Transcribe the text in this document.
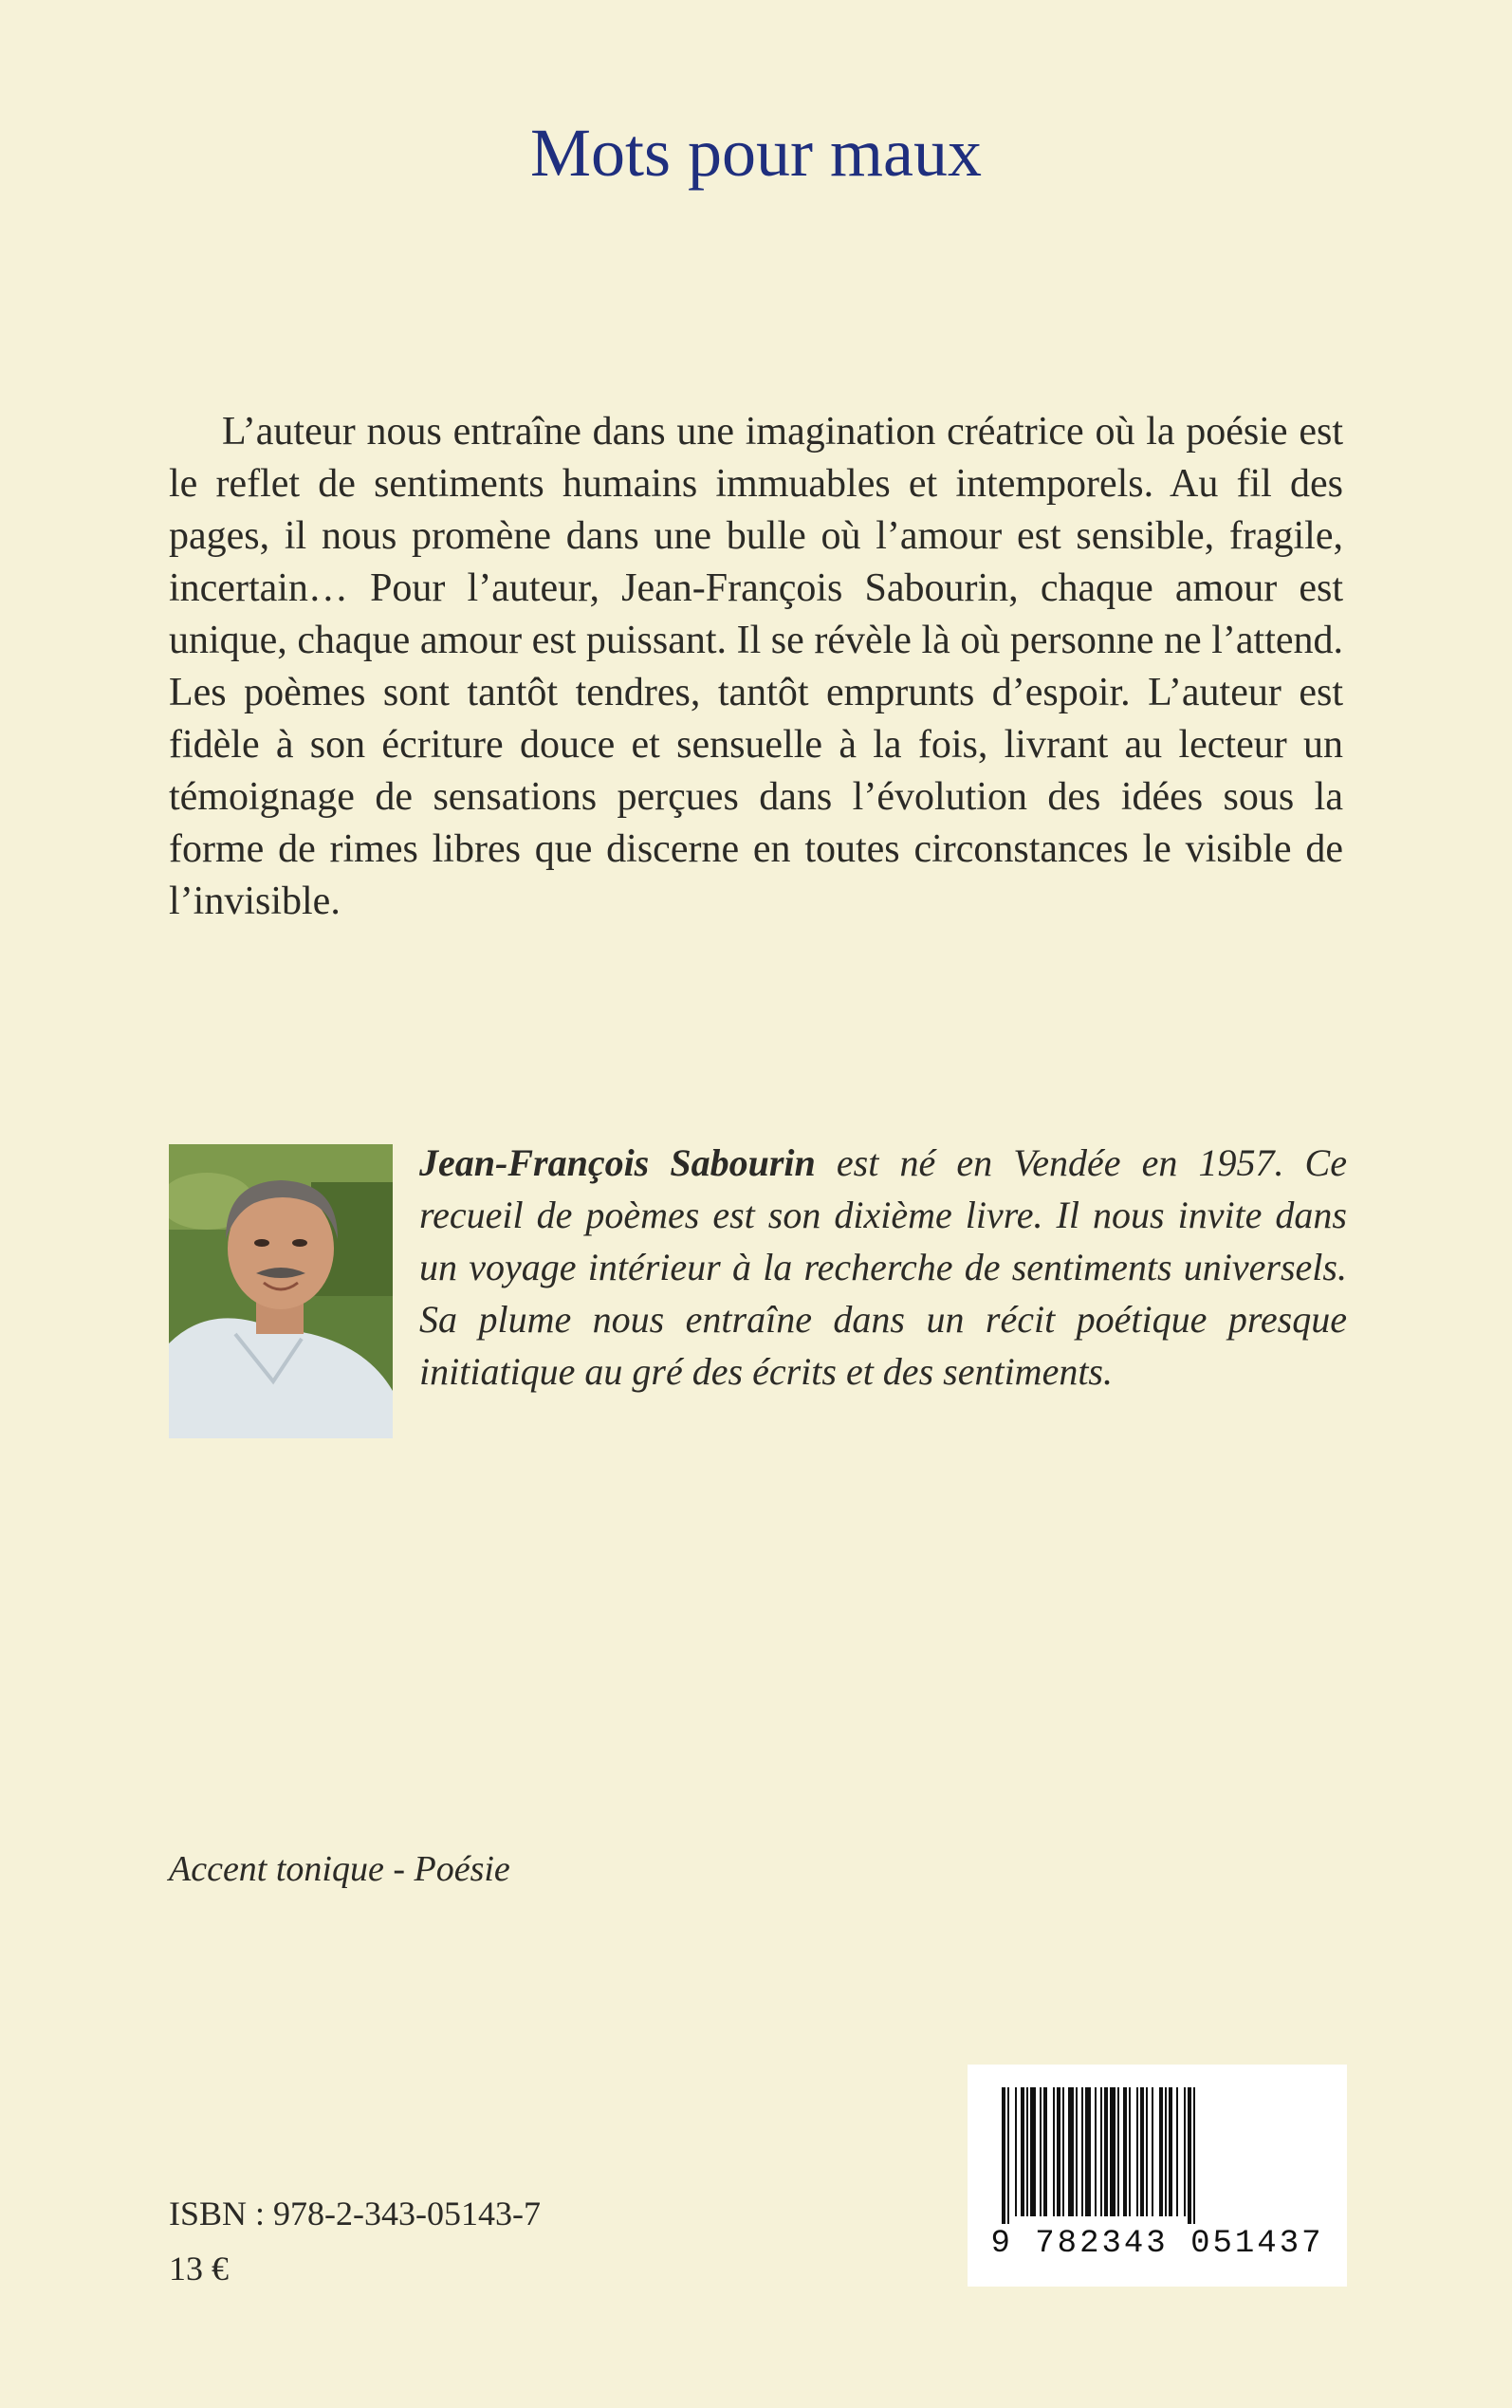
Mots pour maux

L’auteur nous entraîne dans une imagination créatrice où la poésie est le reflet de sentiments humains immuables et intemporels. Au fil des pages, il nous promène dans une bulle où l’amour est sensible, fragile, incertain… Pour l’auteur, Jean-François Sabourin, chaque amour est unique, chaque amour est puissant. Il se révèle là où personne ne l’attend. Les poèmes sont tantôt tendres, tantôt emprunts d’espoir. L’auteur est fidèle à son écriture douce et sensuelle à la fois, livrant au lecteur un témoignage de sensations perçues dans l’évolution des idées sous la forme de rimes libres que discerne en toutes circonstances le visible de l’invisible.

Jean-François Sabourin est né en Vendée en 1957. Ce recueil de poèmes est son dixième livre. Il nous invite dans un voyage intérieur à la recherche de sentiments universels. Sa plume nous entraîne dans un récit poétique presque initiatique au gré des écrits et des sentiments.

Accent tonique - Poésie

ISBN : 978-2-343-05143-7

13 €

9 782343 051437
